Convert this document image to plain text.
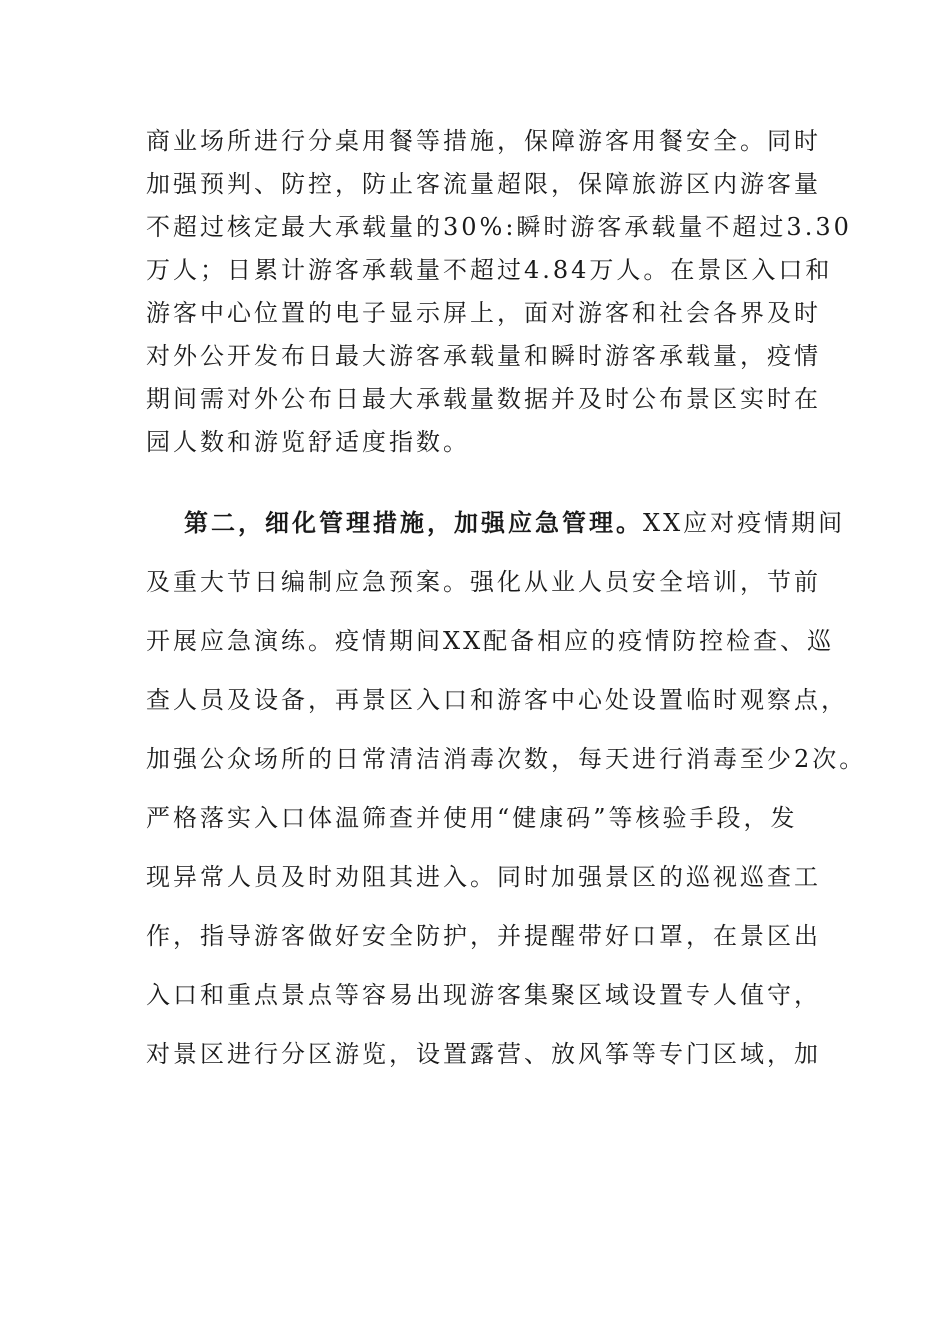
商业场所进行分桌用餐等措施，保障游客用餐安全。同时
加强预判、防控，防止客流量超限，保障旅游区内游客量
不超过核定最大承载量的30%:瞬时游客承载量不超过3.30
万人；日累计游客承载量不超过4.84万人。在景区入口和
游客中心位置的电子显示屏上，面对游客和社会各界及时
对外公开发布日最大游客承载量和瞬时游客承载量，疫情
期间需对外公布日最大承载量数据并及时公布景区实时在
园人数和游览舒适度指数。
第二，细化管理措施，加强应急管理。XX应对疫情期间
及重大节日编制应急预案。强化从业人员安全培训，节前
开展应急演练。疫情期间XX配备相应的疫情防控检查、巡
查人员及设备，再景区入口和游客中心处设置临时观察点，
加强公众场所的日常清洁消毒次数，每天进行消毒至少2次。
严格落实入口体温筛查并使用“健康码”等核验手段，发
现异常人员及时劝阻其进入。同时加强景区的巡视巡查工
作，指导游客做好安全防护，并提醒带好口罩，在景区出
入口和重点景点等容易出现游客集聚区域设置专人值守，
对景区进行分区游览，设置露营、放风筝等专门区域，加
